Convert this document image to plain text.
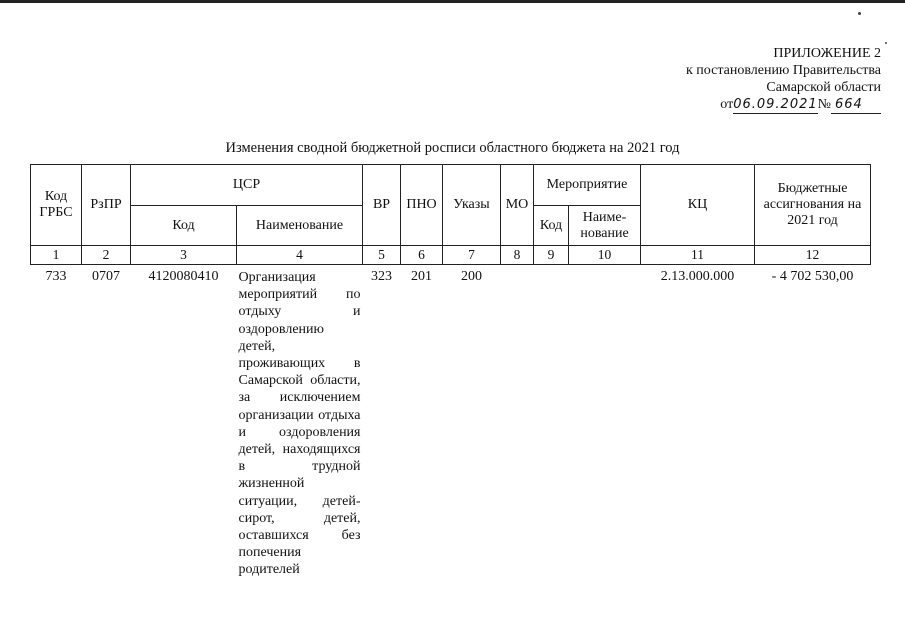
ПРИЛОЖЕНИЕ 2
к постановлению Правительства
Самарской области
от06.09.2021№ 664
Изменения сводной бюджетной росписи областного бюджета на 2021 год
Код ГРБС	РзПР	ЦСР		ВР	ПНО	Указы	МО	Мероприятие		КЦ	Бюджетные ассигнования на 2021 год
		Код	Наименование					Код	Наиме-нование		
1	2	3	4	5	6	7	8	9	10	11	12
733	0707	4120080410	Организация мероприятий по отдыху и оздоровлению детей, проживающих в Самарской области, за исключением организации отдыха и оздоровления детей, находящихся в трудной жизненной ситуации, детей-сирот, детей, оставшихся без попечения родителей	323	201	200				2.13.000.000	- 4 702 530,00
